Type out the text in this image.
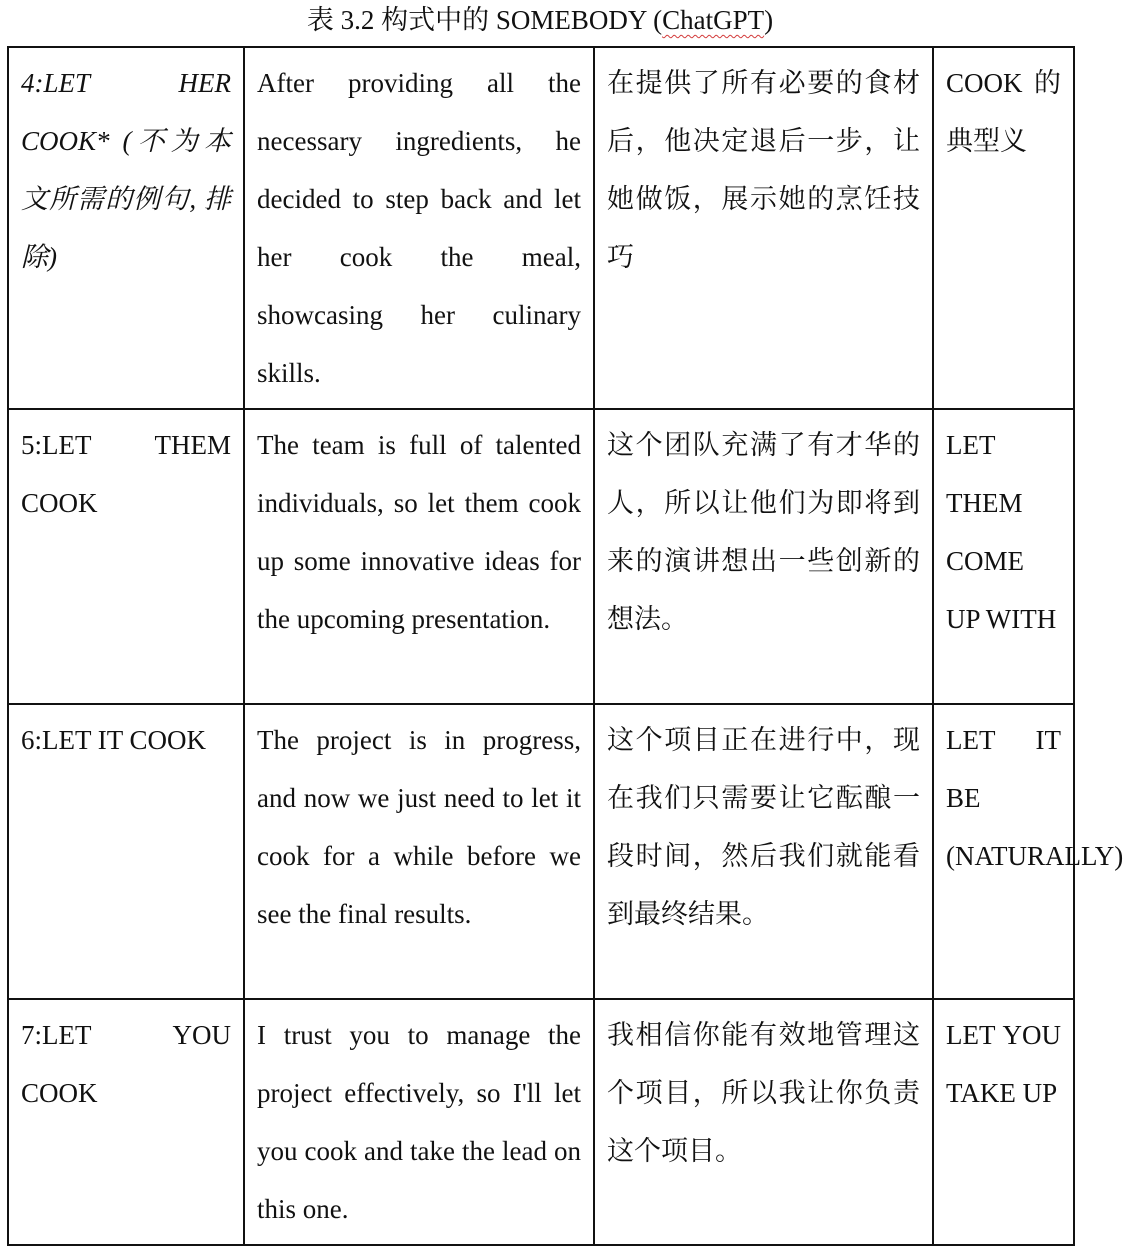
表 3.2 构式中的 SOMEBODY (ChatGPT)
4:LET HER COOK* (不为本文所需的例句, 排除)	After providing all the necessary ingredients, he decided to step back and let her cook the meal, showcasing her culinary skills.	在提供了所有必要的食材后，他决定退后一步，让她做饭，展示她的烹饪技巧	COOK 的典型义
5:LET THEM COOK	The team is full of talented individuals, so let them cook up some innovative ideas for the upcoming presentation.	这个团队充满了有才华的人，所以让他们为即将到来的演讲想出一些创新的想法。	LET THEM COME UP WITH
6:LET IT COOK	The project is in progress, and now we just need to let it cook for a while before we see the final results.	这个项目正在进行中，现在我们只需要让它酝酿一段时间，然后我们就能看到最终结果。	LET IT BE (NATURALLY)
7:LET YOU COOK	I trust you to manage the project effectively, so I'll let you cook and take the lead on this one.	我相信你能有效地管理这个项目，所以我让你负责这个项目。	LET YOU TAKE UP
